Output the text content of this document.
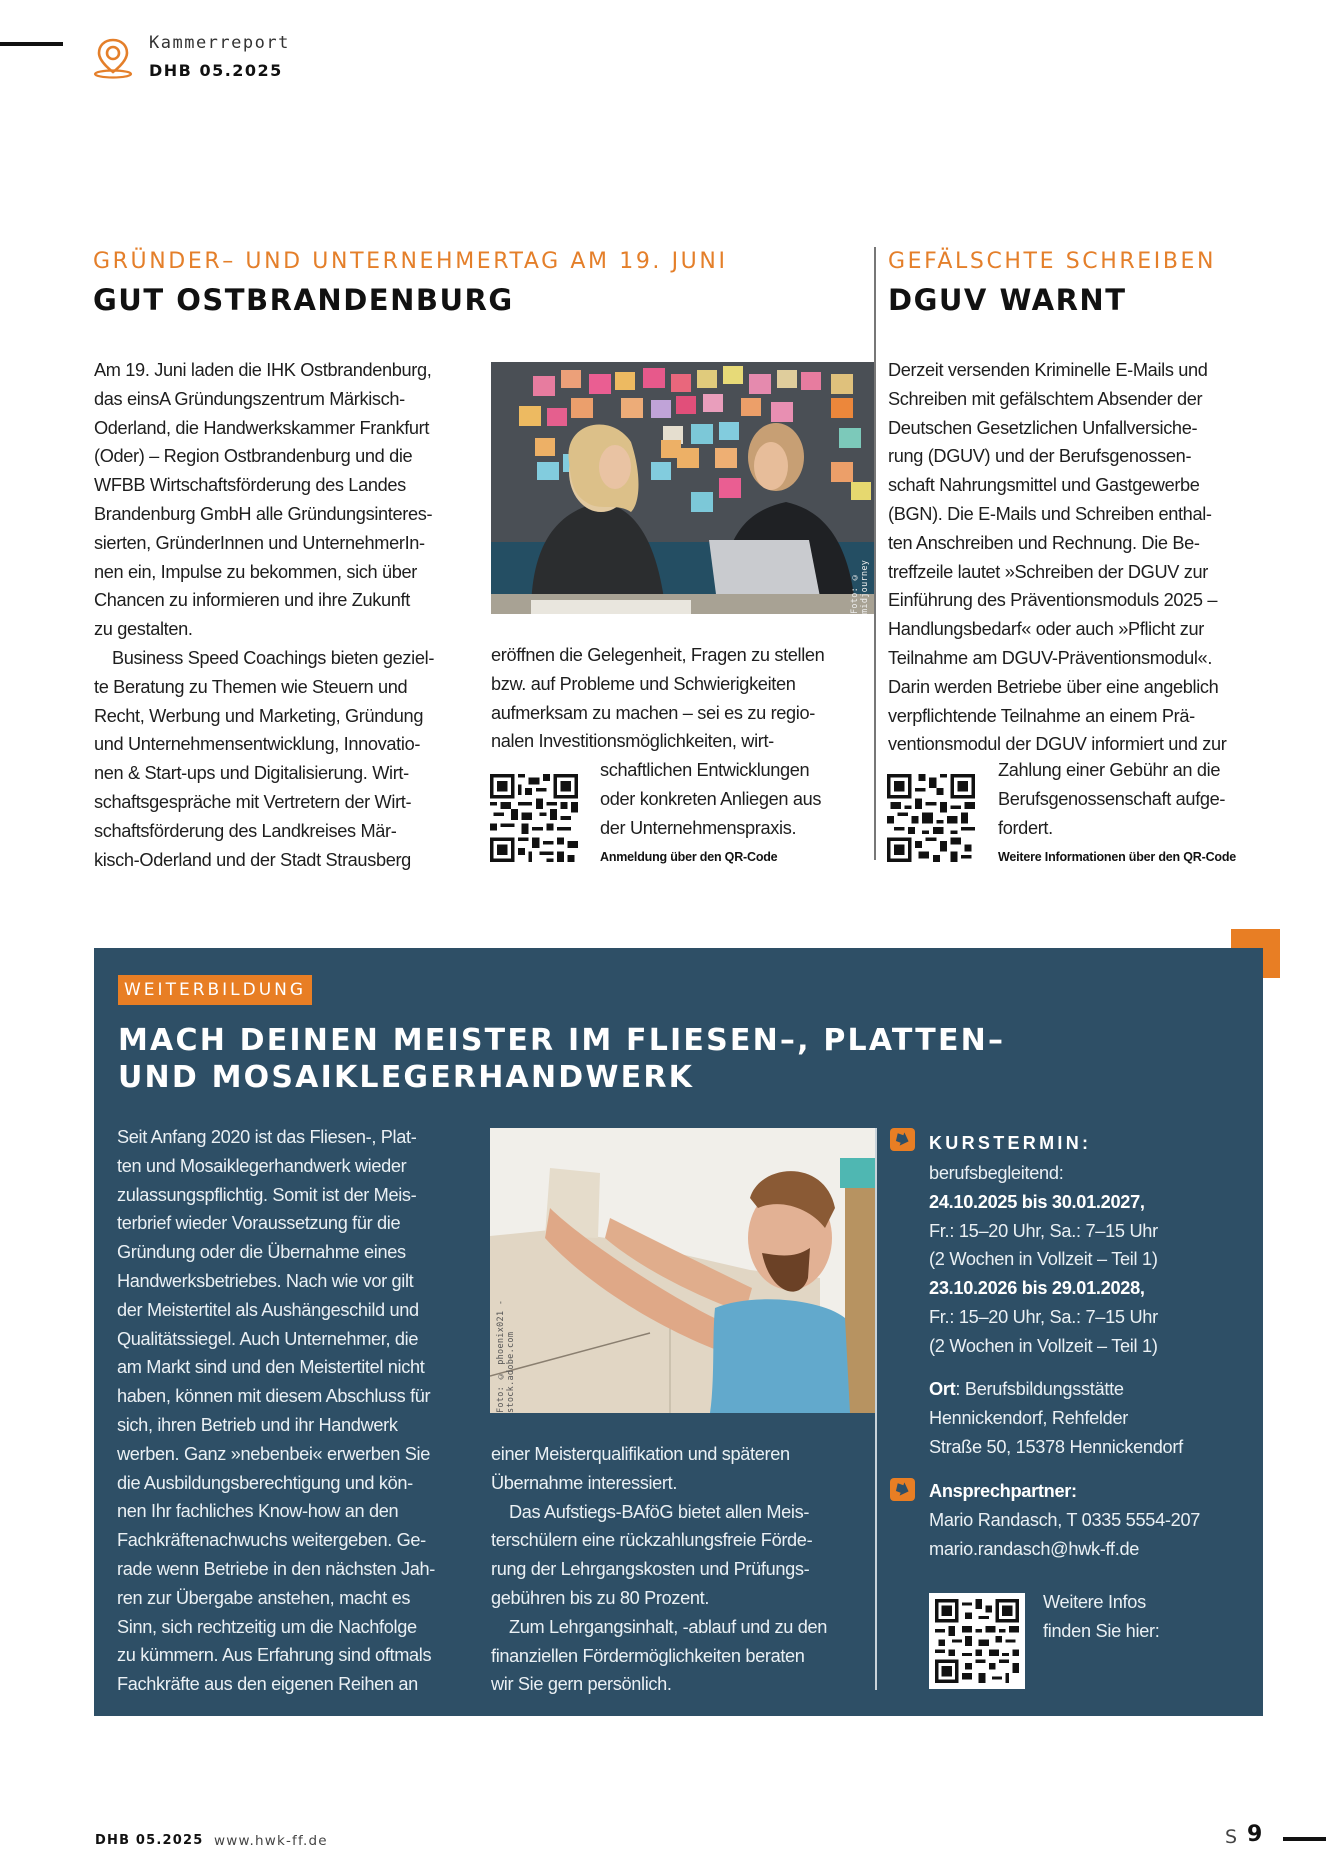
Kammerreport
DHB 05.2025
GRÜNDER– UND UNTERNEHMERTAG AM 19. JUNI
GUT OSTBRANDENBURG
Am 19. Juni laden die IHK Ostbrandenburg,
das einsA Gründungszentrum Märkisch-
Oderland, die Handwerkskammer Frankfurt
(Oder) – Region Ostbrandenburg und die
WFBB Wirtschaftsförderung des Landes
Brandenburg GmbH alle Gründungsinteres-
sierten, GründerInnen und UnternehmerIn-
nen ein, Impulse zu bekommen, sich über
Chancen zu informieren und ihre Zukunft
zu gestalten.
Business Speed Coachings bieten geziel-
te Beratung zu Themen wie Steuern und
Recht, Werbung und Marketing, Gründung
und Unternehmensentwicklung, Innovatio-
nen & Start-ups und Digitalisierung. Wirt-
schaftsgespräche mit Vertretern der Wirt-
schaftsförderung des Landkreises Mär-
kisch-Oderland und der Stadt Strausberg
Foto: © midjourney
eröffnen die Gelegenheit, Fragen zu stellen
bzw. auf Probleme und Schwierigkeiten
aufmerksam zu machen – sei es zu regio-
nalen Investitionsmöglichkeiten, wirt-
schaftlichen Entwicklungen
oder konkreten Anliegen aus
der Unternehmenspraxis.
Anmeldung über den QR-Code
GEFÄLSCHTE SCHREIBEN
DGUV WARNT
Derzeit versenden Kriminelle E-Mails und
Schreiben mit gefälschtem Absender der
Deutschen Gesetzlichen Unfallversiche-
rung (DGUV) und der Berufsgenossen-
schaft Nahrungsmittel und Gastgewerbe
(BGN). Die E-Mails und Schreiben enthal-
ten Anschreiben und Rechnung. Die Be-
treffzeile lautet »Schreiben der DGUV zur
Einführung des Präventionsmoduls 2025 –
Handlungsbedarf« oder auch »Pflicht zur
Teilnahme am DGUV-Präventionsmodul«.
Darin werden Betriebe über eine angeblich
verpflichtende Teilnahme an einem Prä-
ventionsmodul der DGUV informiert und zur
Zahlung einer Gebühr an die
Berufsgenossenschaft aufge-
fordert.
Weitere Informationen über den QR-Code
WEITERBILDUNG
MACH DEINEN MEISTER IM FLIESEN–, PLATTEN–
UND MOSAIKLEGERHANDWERK
Seit Anfang 2020 ist das Fliesen-, Plat-
ten und Mosaiklegerhandwerk wieder
zulassungspflichtig. Somit ist der Meis-
terbrief wieder Voraussetzung für die
Gründung oder die Übernahme eines
Handwerksbetriebes. Nach wie vor gilt
der Meistertitel als Aushängeschild und
Qualitätssiegel. Auch Unternehmer, die
am Markt sind und den Meistertitel nicht
haben, können mit diesem Abschluss für
sich, ihren Betrieb und ihr Handwerk
werben. Ganz »nebenbei« erwerben Sie
die Ausbildungsberechtigung und kön-
nen Ihr fachliches Know-how an den
Fachkräftenachwuchs weitergeben. Ge-
rade wenn Betriebe in den nächsten Jah-
ren zur Übergabe anstehen, macht es
Sinn, sich rechtzeitig um die Nachfolge
zu kümmern. Aus Erfahrung sind oftmals
Fachkräfte aus den eigenen Reihen an
Foto: © phoenix021 - stock.adobe.com
einer Meisterqualifikation und späteren
Übernahme interessiert.
Das Aufstiegs-BAföG bietet allen Meis-
terschülern eine rückzahlungsfreie Förde-
rung der Lehrgangskosten und Prüfungs-
gebühren bis zu 80 Prozent.
Zum Lehrgangsinhalt, -ablauf und zu den
finanziellen Fördermöglichkeiten beraten
wir Sie gern persönlich.
KURSTERMIN:
berufsbegleitend:
24.10.2025 bis 30.01.2027,
Fr.: 15–20 Uhr, Sa.: 7–15 Uhr
(2 Wochen in Vollzeit – Teil 1)
23.10.2026 bis 29.01.2028,
Fr.: 15–20 Uhr, Sa.: 7–15 Uhr
(2 Wochen in Vollzeit – Teil 1)
Ort: Berufsbildungsstätte
Hennickendorf, Rehfelder
Straße 50, 15378 Hennickendorf
Ansprechpartner:
Mario Randasch, T 0335 5554-207
mario.randasch@hwk-ff.de
Weitere Infos
finden Sie hier:
DHB 05.2025 www.hwk-ff.de	S 9
